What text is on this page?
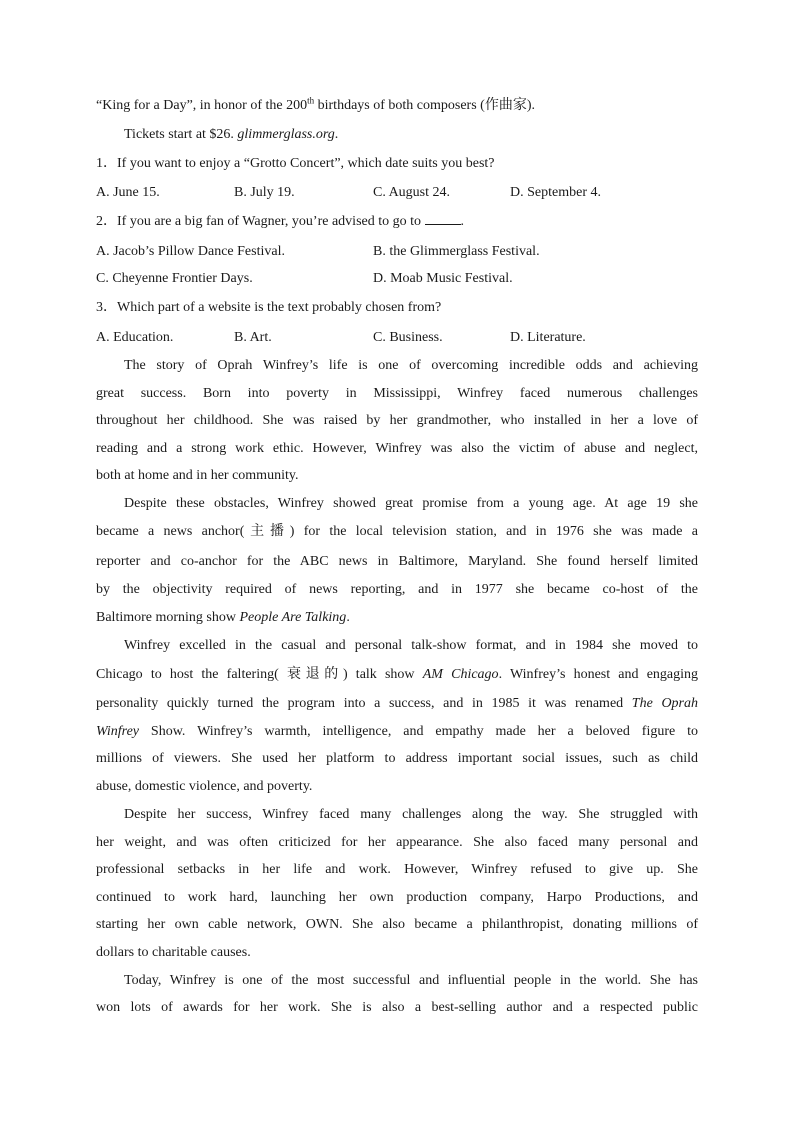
“King for a Day”, in honor of the 200th birthdays of both composers (作曲家).
Tickets start at $26. glimmerglass.org.
1．If you want to enjoy a “Grotto Concert”, which date suits you best?
A. June 15.	B. July 19.	C. August 24.	D. September 4.
2．If you are a big fan of Wagner, you’re advised to go to	.
A. Jacob’s Pillow Dance Festival.	B. the Glimmerglass Festival.
C. Cheyenne Frontier Days.	D. Moab Music Festival.
3．Which part of a website is the text probably chosen from?
A. Education.	B. Art.	C. Business.	D. Literature.
The story of Oprah Winfrey’s life is one of overcoming incredible odds and achieving
great success. Born into poverty in Mississippi, Winfrey faced numerous challenges
throughout her childhood. She was raised by her grandmother, who installed in her a love of
reading and a strong work ethic. However, Winfrey was also the victim of abuse and neglect,
both at home and in her community.
Despite these obstacles, Winfrey showed great promise from a young age. At age 19 she
became a news anchor(主播) for the local television station, and in 1976 she was made a
reporter and co-anchor for the ABC news in Baltimore, Maryland. She found herself limited
by the objectivity required of news reporting, and in 1977 she became co-host of the
Baltimore morning show People Are Talking.
Winfrey excelled in the casual and personal talk-show format, and in 1984 she moved to
Chicago to host the faltering( 衰退的) talk show AM Chicago. Winfrey’s honest and engaging
personality quickly turned the program into a success, and in 1985 it was renamed The Oprah
Winfrey Show. Winfrey’s warmth, intelligence, and empathy made her a beloved figure to
millions of viewers. She used her platform to address important social issues, such as child
abuse, domestic violence, and poverty.
Despite her success, Winfrey faced many challenges along the way. She struggled with
her weight, and was often criticized for her appearance. She also faced many personal and
professional setbacks in her life and work. However, Winfrey refused to give up. She
continued to work hard, launching her own production company, Harpo Productions, and
starting her own cable network, OWN. She also became a philanthropist, donating millions of
dollars to charitable causes.
Today, Winfrey is one of the most successful and influential people in the world. She has
won lots of awards for her work. She is also a best-selling author and a respected public
